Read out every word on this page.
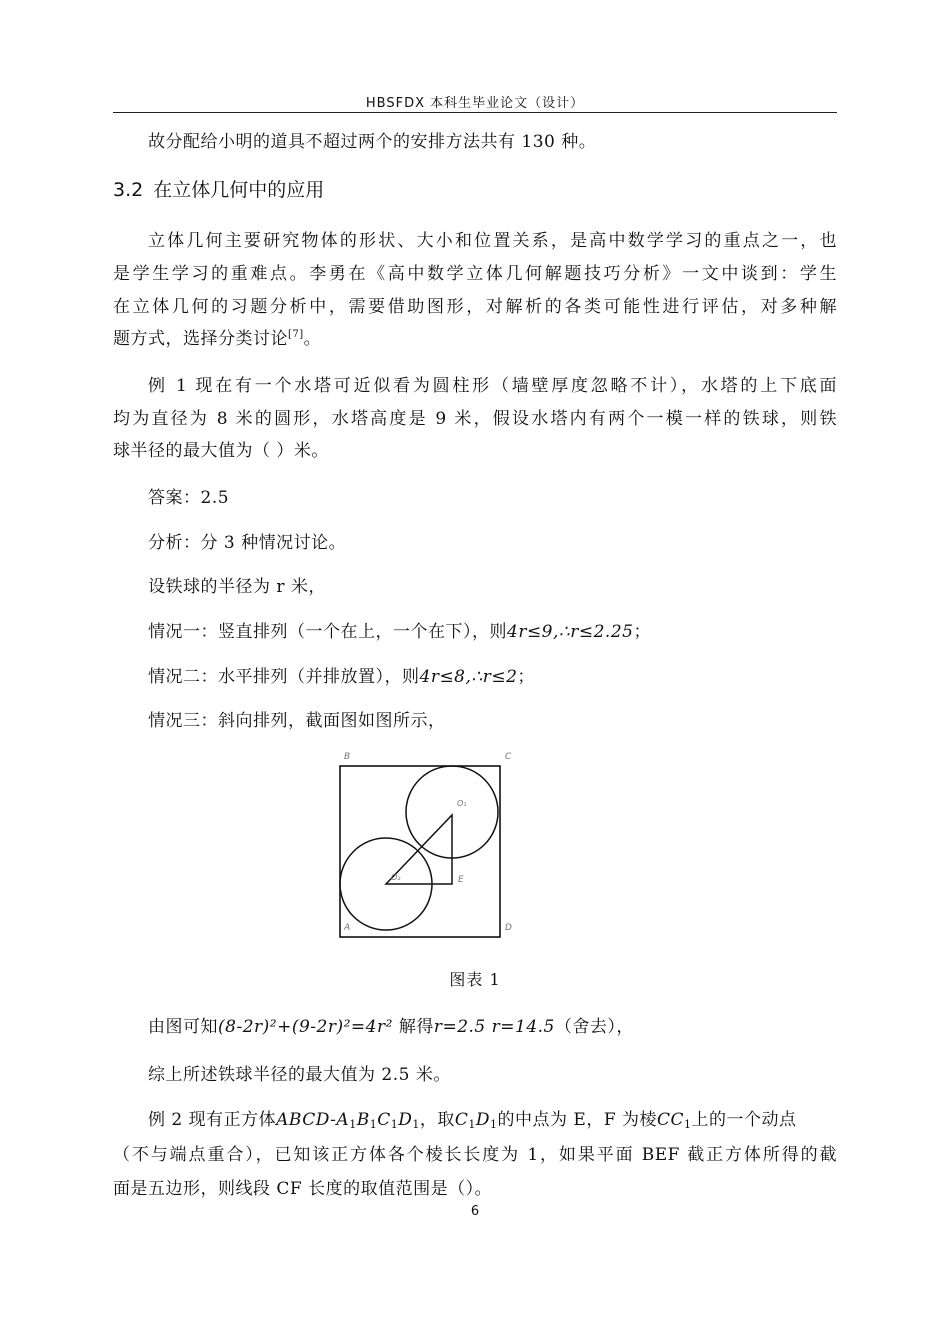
HBSFDX 本科生毕业论文（设计）
故分配给小明的道具不超过两个的安排方法共有 130 种。
3.2 在立体几何中的应用
立体几何主要研究物体的形状、大小和位置关系，是高中数学学习的重点之一，也
是学生学习的重难点。李勇在《高中数学立体几何解题技巧分析》一文中谈到：学生
在立体几何的习题分析中，需要借助图形，对解析的各类可能性进行评估，对多种解
题方式，选择分类讨论[7]。
例 1 现在有一个水塔可近似看为圆柱形（墙壁厚度忽略不计），水塔的上下底面
均为直径为 8 米的圆形，水塔高度是 9 米，假设水塔内有两个一模一样的铁球，则铁
球半径的最大值为（ ）米。
答案：2.5
分析：分 3 种情况讨论。
设铁球的半径为 r 米，
情况一：竖直排列（一个在上，一个在下），则4r≤9,∴r≤2.25；
情况二：水平排列（并排放置），则4r≤8,∴r≤2；
情况三：斜向排列，截面图如图所示，
B	C
A	D
E
O₁
O₂
图表 1
由图可知(8-2r)²+(9-2r)²=4r² 解得r=2.5 r=14.5（舍去），
综上所述铁球半径的最大值为 2.5 米。
例 2 现有正方体ABCD-$A_1B_1C_1D_1$，取$C_1D_1$的中点为 E，F 为棱$CC_1$上的一个动点
（不与端点重合），已知该正方体各个棱长长度为 1，如果平面 BEF 截正方体所得的截
面是五边形，则线段 CF 长度的取值范围是（）。
6
